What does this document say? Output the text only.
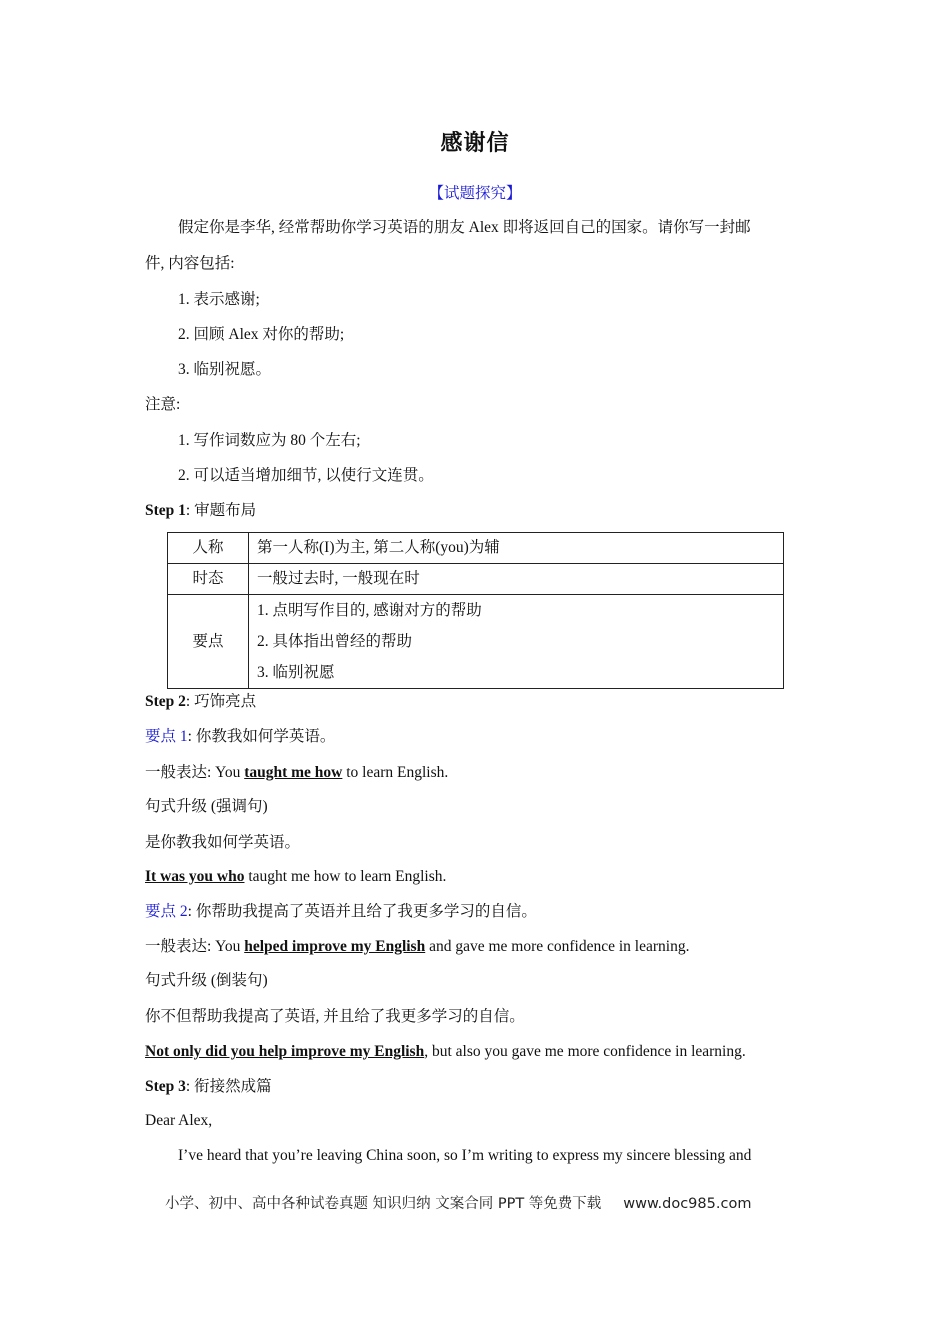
感谢信
【试题探究】
假定你是李华, 经常帮助你学习英语的朋友 Alex 即将返回自己的国家。请你写一封邮
件, 内容包括:
1. 表示感谢;
2. 回顾 Alex 对你的帮助;
3. 临别祝愿。
注意:
1. 写作词数应为 80 个左右;
2. 可以适当增加细节, 以使行文连贯。
Step 1: 审题布局
人称	第一人称(I)为主, 第二人称(you)为辅
时态	一般过去时, 一般现在时
要点	1. 点明写作目的, 感谢对方的帮助
2. 具体指出曾经的帮助
3. 临别祝愿
Step 2: 巧饰亮点
要点 1: 你教我如何学英语。
一般表达: You taught me how to learn English.
句式升级 (强调句)
是你教我如何学英语。
It was you who taught me how to learn English.
要点 2: 你帮助我提高了英语并且给了我更多学习的自信。
一般表达: You helped improve my English and gave me more confidence in learning.
句式升级 (倒装句)
你不但帮助我提高了英语, 并且给了我更多学习的自信。
Not only did you help improve my English, but also you gave me more confidence in learning.
Step 3: 衔接然成篇
Dear Alex,
I’ve heard that you’re leaving China soon, so I’m writing to express my sincere blessing and
小学、初中、高中各种试卷真题 知识归纳 文案合同 PPT 等免费下载 www.doc985.com
